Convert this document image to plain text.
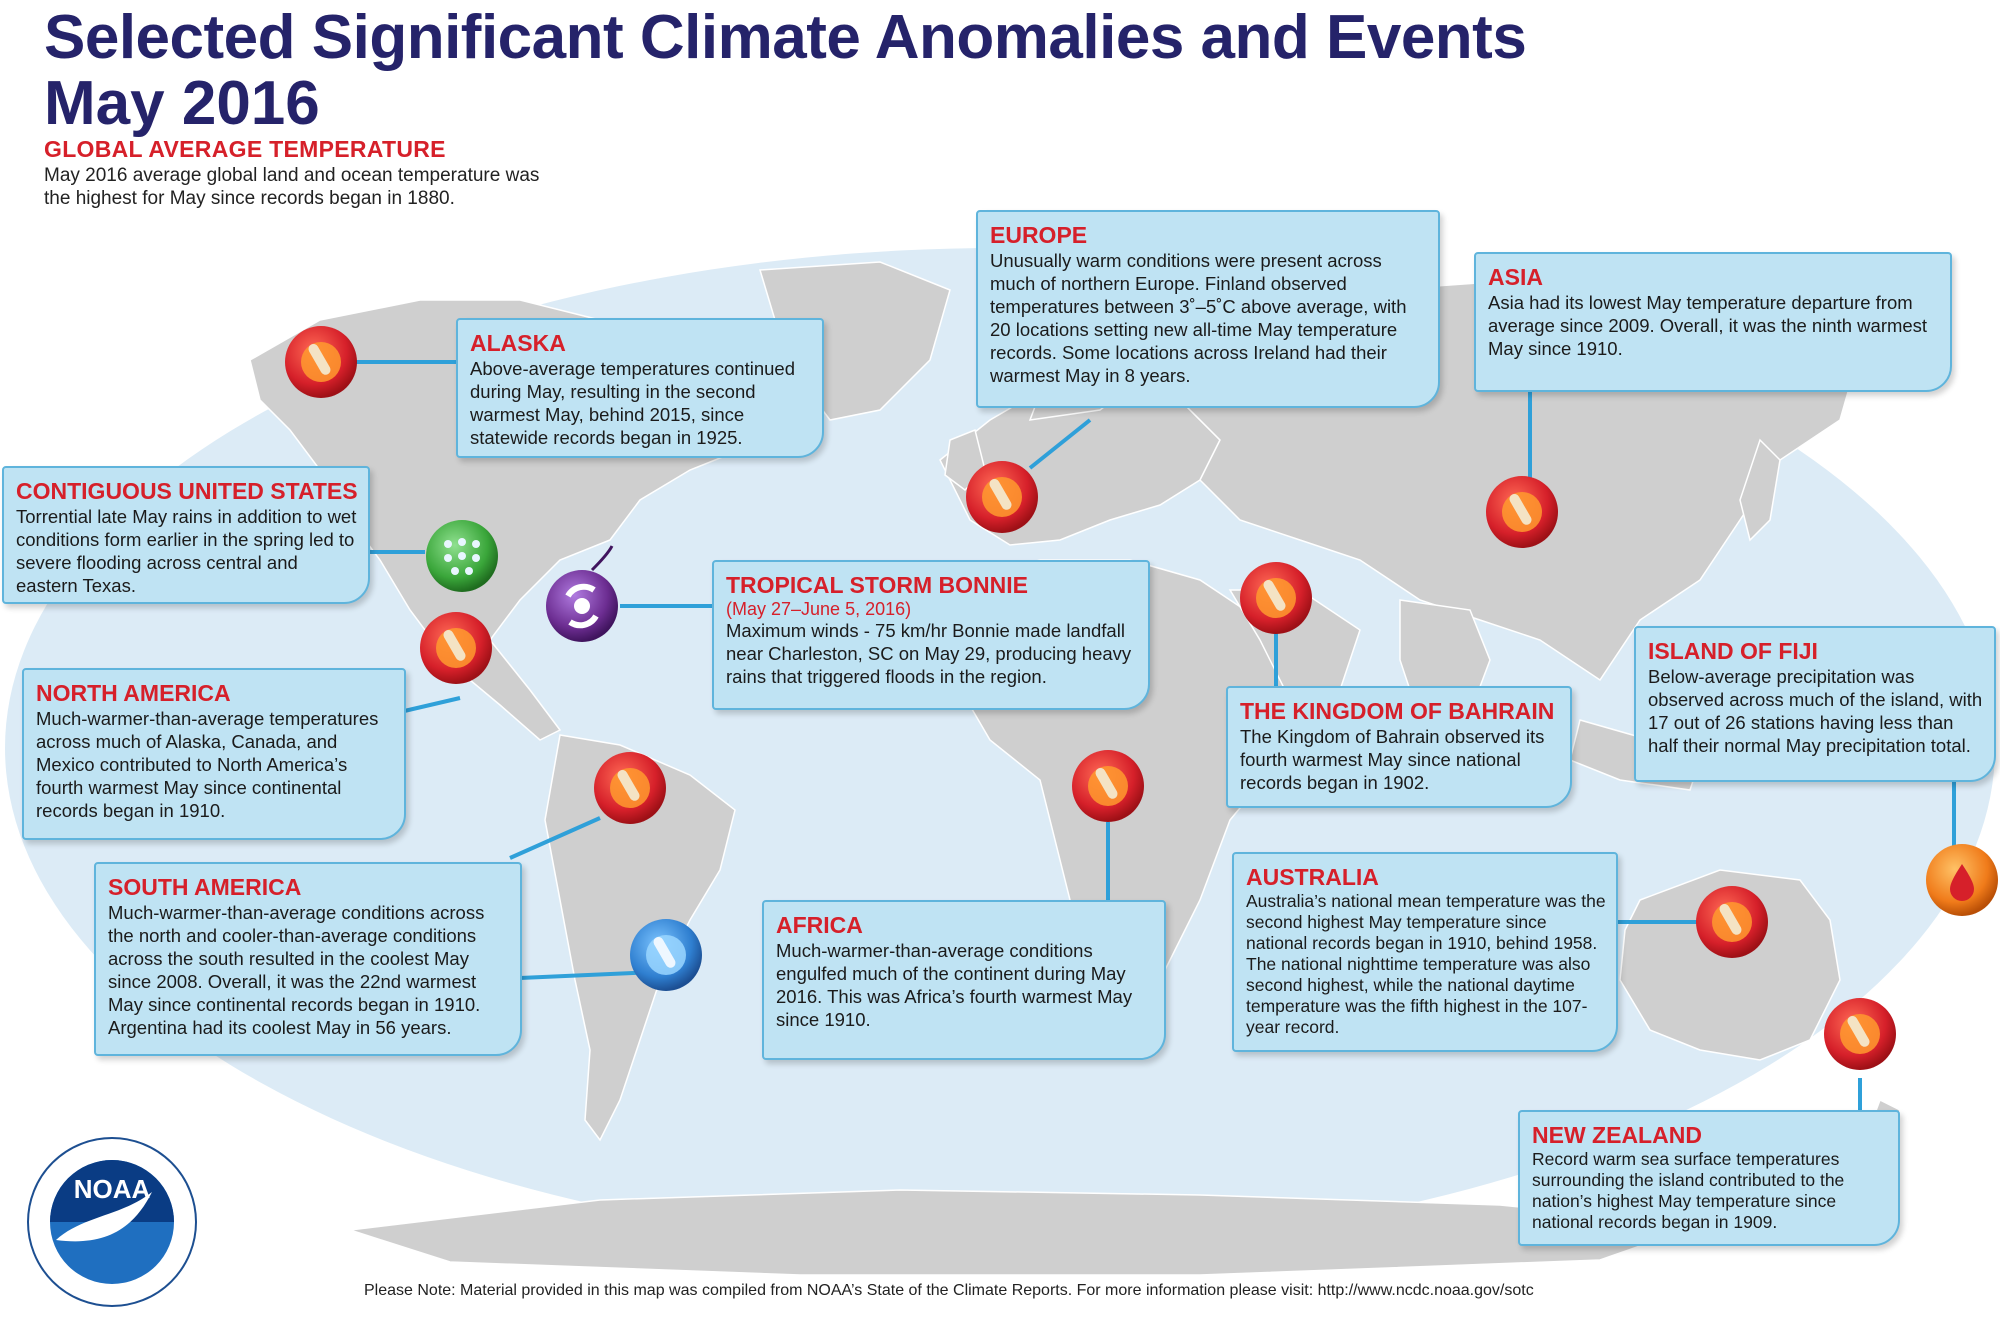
Selected Significant Climate Anomalies and Events
May 2016
GLOBAL AVERAGE TEMPERATURE
May 2016 average global land and ocean temperature was the highest for May since records began in 1880.
NOAA
ALASKA

Above-average temperatures continued during May, resulting in the second warmest May, behind 2015, since statewide records began in 1925.

EUROPE

Unusually warm conditions were present across much of northern Europe. Finland observed temperatures between 3˚–5˚C above average, with 20 locations setting new all-time May temperature records. Some locations across Ireland had their warmest May in 8 years.

ASIA

Asia had its lowest May temperature departure from average since 2009. Overall, it was the ninth warmest May since 1910.

CONTIGUOUS UNITED STATES

Torrential late May rains in addition to wet conditions form earlier in the spring led to severe flooding across central and eastern Texas.	TROPICAL STORM BONNIE
(May 27–June 5, 2016)

Maximum winds - 75 km/hr Bonnie made landfall near Charleston, SC on May 29, producing heavy rains that triggered floods in the region.

NORTH AMERICA

Much-warmer-than-average temperatures across much of Alaska, Canada, and Mexico contributed to North America’s fourth warmest May since continental records began in 1910.

THE KINGDOM OF BAHRAIN

The Kingdom of Bahrain observed its fourth warmest May since national records began in 1902.

ISLAND OF FIJI

Below-average precipitation was observed across much of the island, with 17 out of 26 stations having less than half their normal May precipitation total.

SOUTH AMERICA

Much-warmer-than-average conditions across the north and cooler-than-average conditions across the south resulted in the coolest May since 2008. Overall, it was the 22nd warmest May since continental records began in 1910. Argentina had its coolest May in 56 years.

AFRICA

Much-warmer-than-average conditions engulfed much of the continent during May 2016. This was Africa’s fourth warmest May since 1910.

AUSTRALIA

Australia’s national mean temperature was the second highest May temperature since national records began in 1910, behind 1958. The national nighttime temperature was also second highest, while the national daytime temperature was the fifth highest in the 107-year record.

NEW ZEALAND

Record warm sea surface temperatures surrounding the island contributed to the nation’s highest May temperature since national records began in 1909.

Please Note: Material provided in this map was compiled from NOAA’s State of the Climate Reports. For more information please visit: http://www.ncdc.noaa.gov/sotc
